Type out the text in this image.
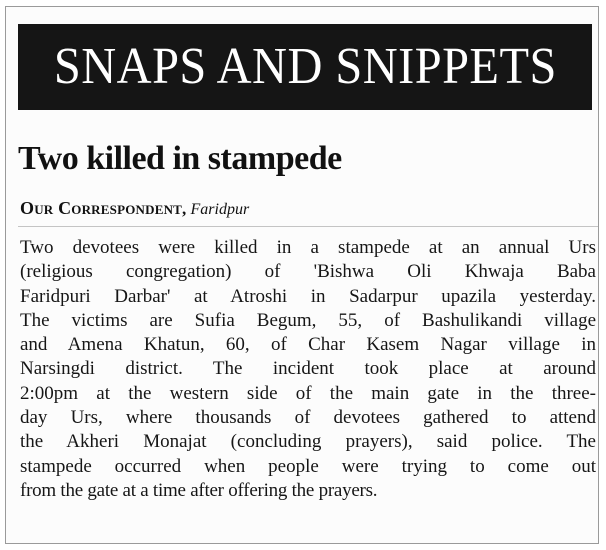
SNAPS AND SNIPPETS
Two killed in stampede
Our Correspondent, Faridpur
Two devotees were killed in a stampede at an annual Urs
(religious congregation) of 'Bishwa Oli Khwaja Baba
Faridpuri Darbar' at Atroshi in Sadarpur upazila yesterday.
The victims are Sufia Begum, 55, of Bashulikandi village
and Amena Khatun, 60, of Char Kasem Nagar village in
Narsingdi district. The incident took place at around
2:00pm at the western side of the main gate in the three-
day Urs, where thousands of devotees gathered to attend
the Akheri Monajat (concluding prayers), said police. The
stampede occurred when people were trying to come out
from the gate at a time after offering the prayers.
